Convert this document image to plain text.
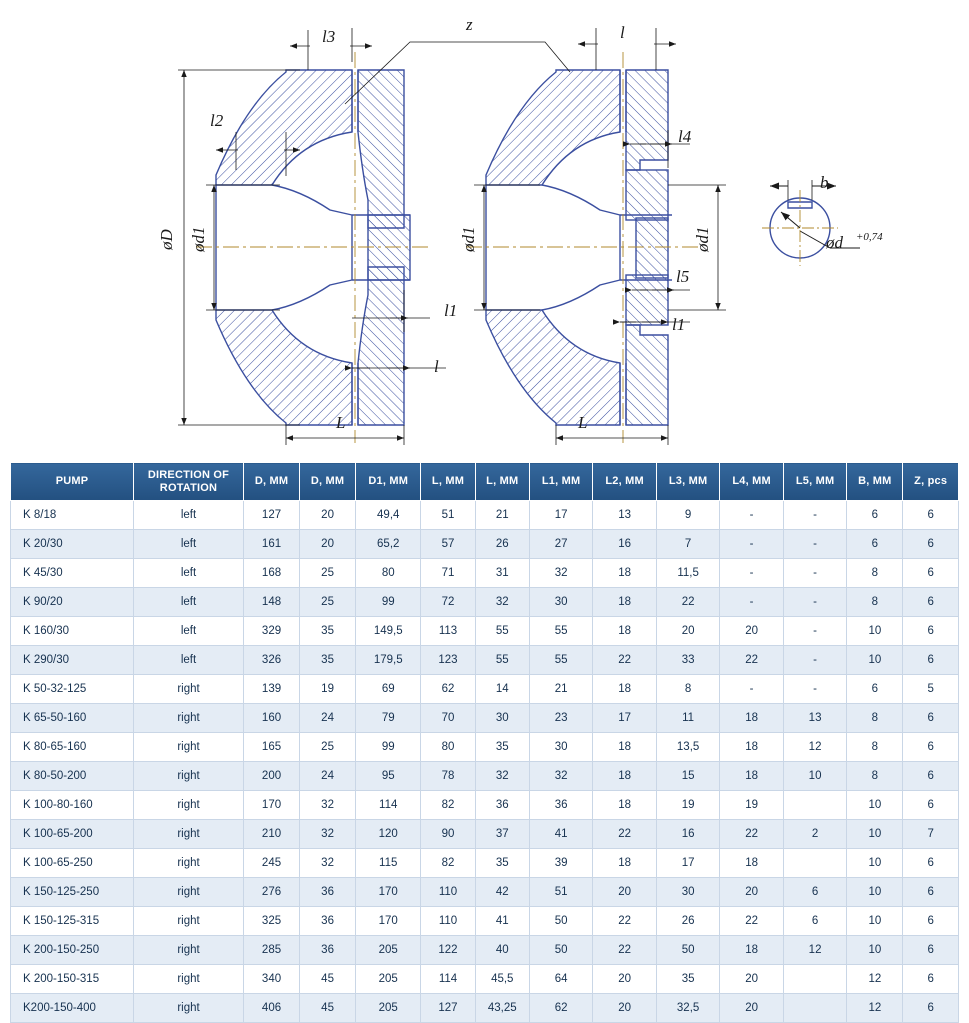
l3
z	l
l2
l4
b
øD ød1	ød1	ød1	ød +0,74
l5
l1
l1
l
L	L
PUMP	DIRECTION OF ROTATION	D, MM	D, MM	D1, MM	L, MM	L, MM	L1, MM	L2, MM	L3, MM	L4, MM	L5, MM	B, MM	Z, pcs
K 8/18	left	127	20	49,4	51	21	17	13	9	-	-	6	6
K 20/30	left	161	20	65,2	57	26	27	16	7	-	-	6	6
K 45/30	left	168	25	80	71	31	32	18	11,5	-	-	8	6
K 90/20	left	148	25	99	72	32	30	18	22	-	-	8	6
K 160/30	left	329	35	149,5	113	55	55	18	20	20	-	10	6
K 290/30	left	326	35	179,5	123	55	55	22	33	22	-	10	6
K 50-32-125	right	139	19	69	62	14	21	18	8	-	-	6	5
K 65-50-160	right	160	24	79	70	30	23	17	11	18	13	8	6
K 80-65-160	right	165	25	99	80	35	30	18	13,5	18	12	8	6
K 80-50-200	right	200	24	95	78	32	32	18	15	18	10	8	6
K 100-80-160	right	170	32	114	82	36	36	18	19	19		10	6
K 100-65-200	right	210	32	120	90	37	41	22	16	22	2	10	7
K 100-65-250	right	245	32	115	82	35	39	18	17	18		10	6
K 150-125-250	right	276	36	170	110	42	51	20	30	20	6	10	6
K 150-125-315	right	325	36	170	110	41	50	22	26	22	6	10	6
K 200-150-250	right	285	36	205	122	40	50	22	50	18	12	10	6
K 200-150-315	right	340	45	205	114	45,5	64	20	35	20		12	6
K200-150-400	right	406	45	205	127	43,25	62	20	32,5	20		12	6
